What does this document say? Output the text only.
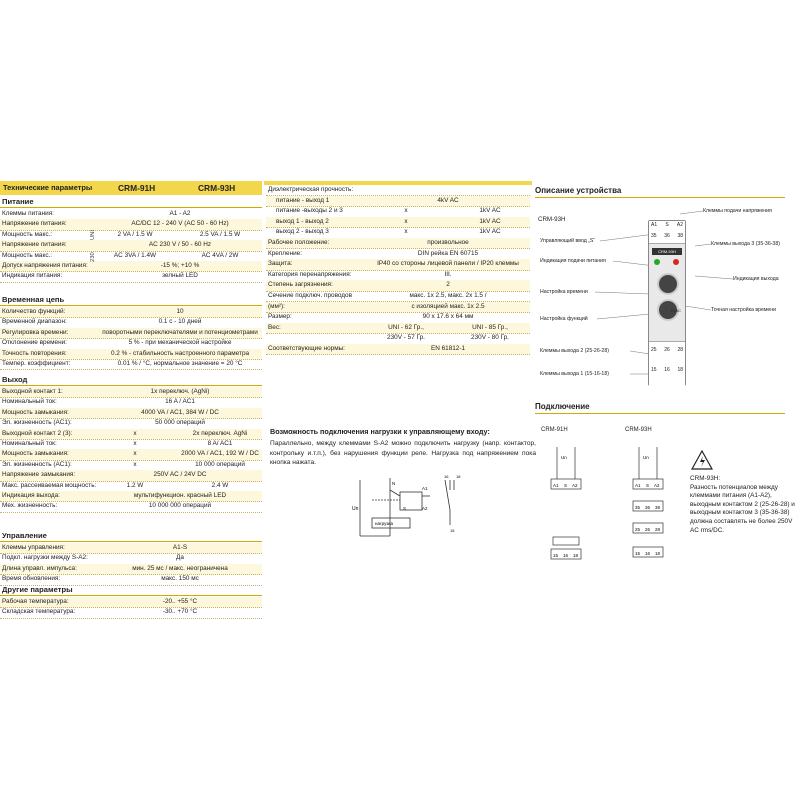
Технические параметры	CRM-91H	CRM-93H
Питание
Клеммы питания:	A1 - A2
Напряжение питания:	AC/DC 12 - 240 V (AC 50 - 60 Hz)
Мощность макс.:	2 VA / 1.5 W	2.5 VA / 1.5 W
Напряжение питания:	AC 230 V / 50 - 60 Hz
Мощность макс.:	AC 3VA / 1.4W	AC 4VA / 2W
Допуск напряжения питания:	-15 %; +10 %
Индикация питания:	зелный LED
Временная цепь
Количество функций:	10
Временной диапазон:	0.1 с - 10 дней
Регулировка времени:	поворотными переключателями и потенциометрами
Отклонение времени:	5 % - при механической настройке
Точность повторения:	0.2 % - стабильность настроенного параметра
Темпер. коэффициент:	0.01 % / °C, нормальное значение = 20 °C
Выход
Выходной контакт 1:	1x переключ. (AgNi)
Номинальный ток:	16 A / AC1
Мощность замыкания:	4000 VA / AC1, 384 W / DC
Эл. жизненность (AC1):	50 000 операций
Выходной контакт 2 (3):	x	2x переключ. AgNi
Номинальный ток:	x	8 A/ AC1
Мощность замыкания:	x	2000 VA / AC1, 192 W / DC
Эл. жизненность (AC1):	x	10 000 операций
Напряжение замыкания:	250V AC / 24V DC
Макс. рассеиваемая мощность:	1.2 W	2.4 W
Индикация выхода:	мультифункцион. красный LED
Мех. жизненность:	10 000 000 операций
Управление
Клеммы управления:	A1-S
Подкл. нагрузки между S-A2:	Да
Длина управл. импульса:	мин. 25 мс / макс. неограничена
Время обновления:	макс. 150 мс
Другие параметры
Рабочая температура:	-20.. +55 °C
Складская температура:	-30.. +70 °C
UNI
230
Диэлектрическая прочность:
питание - выход 1	4kV AC
питание -выходы 2 и 3	x	1kV AC
выход 1 - выход 2	x	1kV AC
выход 2 - выход 3	x	1kV AC
Рабочее положение:	произвольное
Крепление:	DIN рейка EN 60715
Защита:	IP40 со стороны лицевой панели / IP20 клеммы
Категория перенапряжения:	III.
Степень загрязнения:	2
Сечение подключ. проводов	макс. 1x 2.5, макс. 2x 1.5 /
(мм²):	с изоляцией макс. 1x 2.5
Размер:	90 x 17.6 x 64 мм
Вес:	UNI - 62 Гр.,	UNI - 85 Гр.,
230V - 57 Гр.	230V - 80 Гр.
Соответствующие нормы:	EN 61812-1
Возможность подключения нагрузки к управляющему входу:
Параллельно, между клеммами S-A2 можно подключить нагрузку (напр. контактор, контрольку и.т.п.), без нарушения функции реле. Нагрузка под напряжением пока кнопка нажата.
Un
N
A1
A2
S
нагрузка
16 18
15
Описание устройства
CRM-93H
Клеммы подачи напряжения
Управляющий ввод „S“	Клеммы выхода 3 (35-36-38)
Индикация подачи питания
Индикация выхода
Настройка времени
Точная настройка времени
Настройка функций
Клеммы выхода 2 (25-26-28)
Клеммы выхода 1 (15-16-18)
A1 S A2
35 36 38
CRM-93H
FUNC
25 26 28
15 16 18
Подключение
CRM-91H	CRM-93H
Un	Un
A1 S A2
15 16 18
A1 S A2
35 36 38
25 26 28
15 16 18
CRM-93H:
Разность потенциалов между клеммами питания (A1-A2), выходным контактом 2 (25-26-28) и выходным контактом 3 (35-36-38) должна составлять не более 250V AC rms/DC.
